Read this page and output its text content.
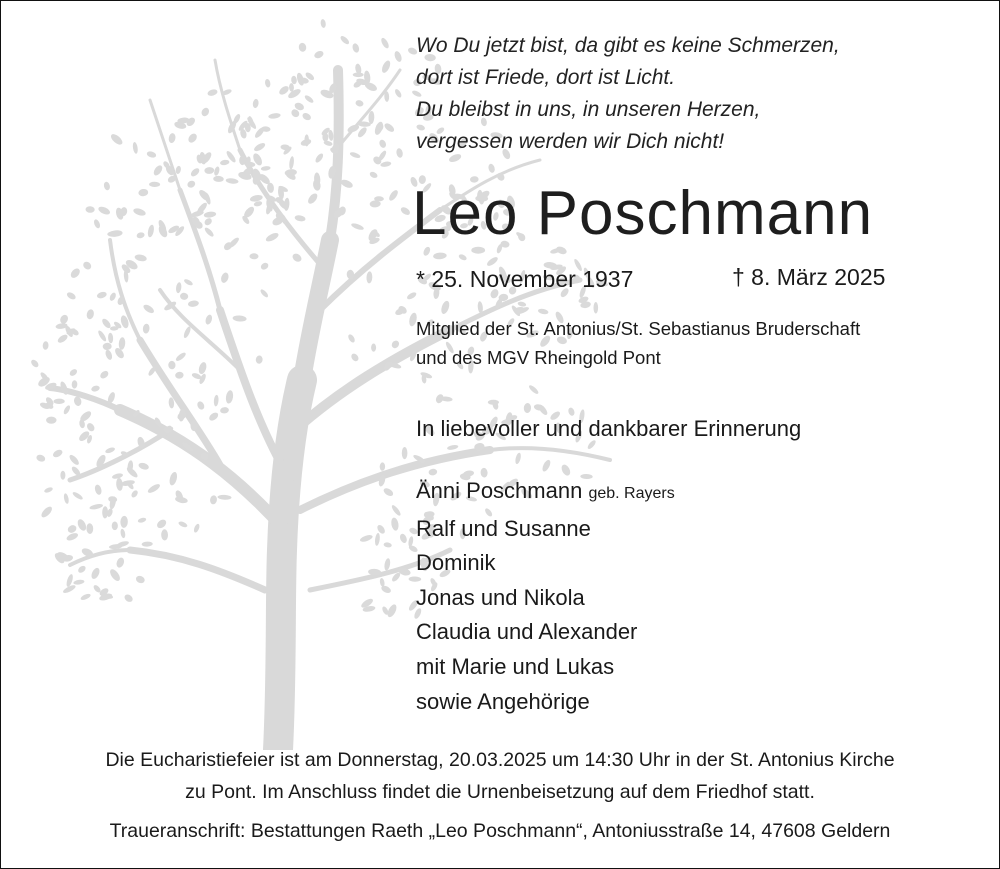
Wo Du jetzt bist, da gibt es keine Schmerzen,
dort ist Friede, dort ist Licht.
Du bleibst in uns, in unseren Herzen,
vergessen werden wir Dich nicht!
Leo Poschmann
* 25. November 1937	† 8. März 2025
Mitglied der St. Antonius/St. Sebastianus Bruderschaft
und des MGV Rheingold Pont
In liebevoller und dankbarer Erinnerung
Änni Poschmann geb. Rayers
Ralf und Susanne
Dominik
Jonas und Nikola
Claudia und Alexander
mit Marie und Lukas
sowie Angehörige
Die Eucharistiefeier ist am Donnerstag, 20.03.2025 um 14:30 Uhr in der St. Antonius Kirche
zu Pont. Im Anschluss findet die Urnenbeisetzung auf dem Friedhof statt.
Traueranschrift: Bestattungen Raeth „Leo Poschmann“, Antoniusstraße 14, 47608 Geldern
